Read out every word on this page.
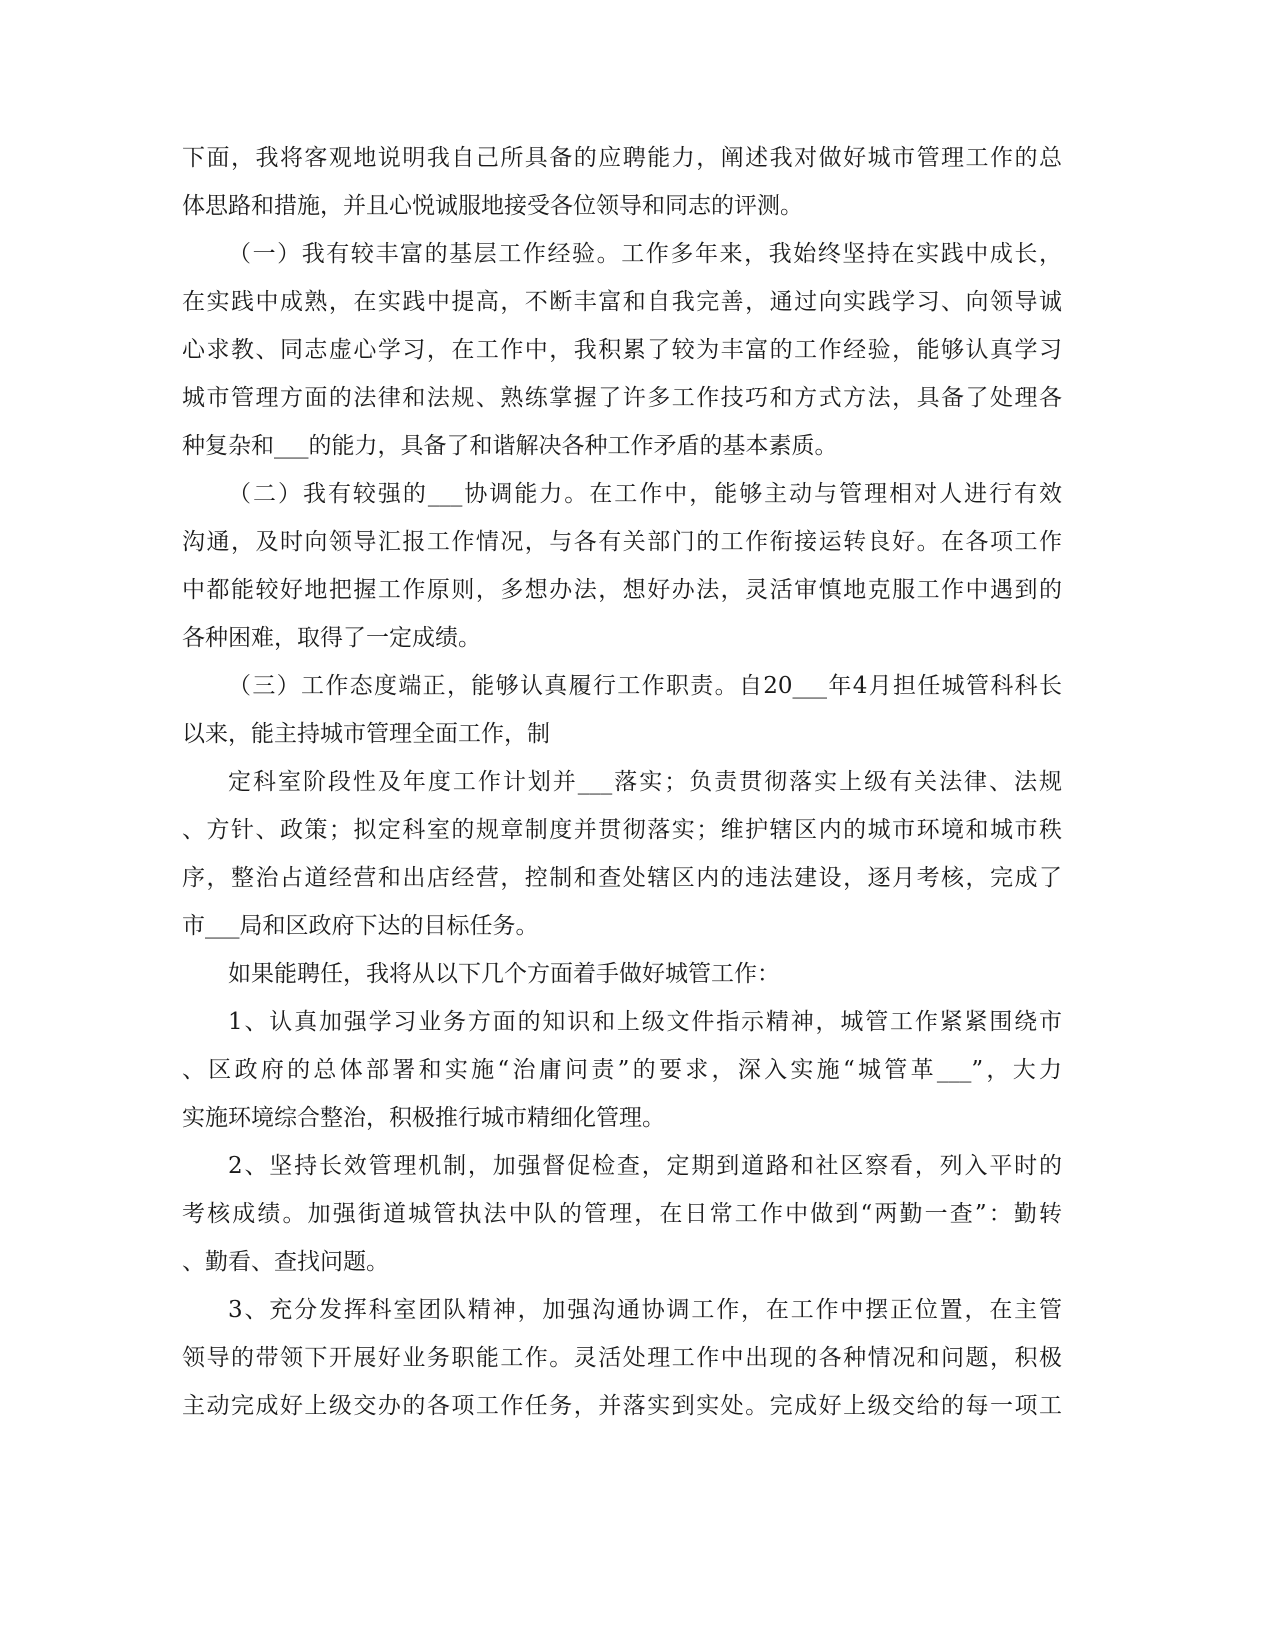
下面，我将客观地说明我自己所具备的应聘能力，阐述我对做好城市管理工作的总
体思路和措施，并且心悦诚服地接受各位领导和同志的评测。
（一）我有较丰富的基层工作经验。工作多年来，我始终坚持在实践中成长，
在实践中成熟，在实践中提高，不断丰富和自我完善，通过向实践学习、向领导诚
心求教、同志虚心学习，在工作中，我积累了较为丰富的工作经验，能够认真学习
城市管理方面的法律和法规、熟练掌握了许多工作技巧和方式方法，具备了处理各
种复杂和___的能力，具备了和谐解决各种工作矛盾的基本素质。
（二）我有较强的___协调能力。在工作中，能够主动与管理相对人进行有效
沟通，及时向领导汇报工作情况，与各有关部门的工作衔接运转良好。在各项工作
中都能较好地把握工作原则，多想办法，想好办法，灵活审慎地克服工作中遇到的
各种困难，取得了一定成绩。
（三）工作态度端正，能够认真履行工作职责。自20___年4月担任城管科科长
以来，能主持城市管理全面工作，制
定科室阶段性及年度工作计划并___落实；负责贯彻落实上级有关法律、法规
、方针、政策；拟定科室的规章制度并贯彻落实；维护辖区内的城市环境和城市秩
序，整治占道经营和出店经营，控制和查处辖区内的违法建设，逐月考核，完成了
市___局和区政府下达的目标任务。
如果能聘任，我将从以下几个方面着手做好城管工作：
1、认真加强学习业务方面的知识和上级文件指示精神，城管工作紧紧围绕市
、区政府的总体部署和实施“治庸问责”的要求，深入实施“城管革___”，大力
实施环境综合整治，积极推行城市精细化管理。
2、坚持长效管理机制，加强督促检查，定期到道路和社区察看，列入平时的
考核成绩。加强街道城管执法中队的管理，在日常工作中做到“两勤一查”：勤转
、勤看、查找问题。
3、充分发挥科室团队精神，加强沟通协调工作，在工作中摆正位置，在主管
领导的带领下开展好业务职能工作。灵活处理工作中出现的各种情况和问题，积极
主动完成好上级交办的各项工作任务，并落实到实处。完成好上级交给的每一项工
